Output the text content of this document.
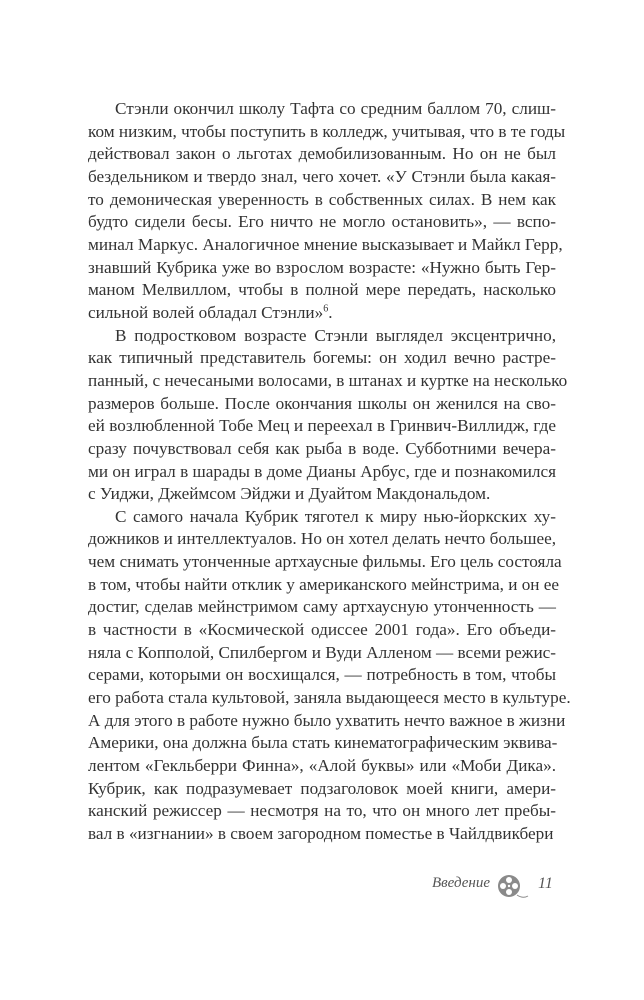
Стэнли окончил школу Тафта со средним баллом 70, слиш-
ком низким, чтобы поступить в колледж, учитывая, что в те годы
действовал закон о льготах демобилизованным. Но он не был
бездельником и твердо знал, чего хочет. «У Стэнли была какая-
то демоническая уверенность в собственных силах. В нем как
будто сидели бесы. Его ничто не могло остановить», — вспо-
минал Маркус. Аналогичное мнение высказывает и Майкл Герр,
знавший Кубрика уже во взрослом возрасте: «Нужно быть Гер-
маном Мелвиллом, чтобы в полной мере передать, насколько
сильной волей обладал Стэнли»$^6$.
В подростковом возрасте Стэнли выглядел эксцентрично,
как типичный представитель богемы: он ходил вечно растре-
панный, с нечесаными волосами, в штанах и куртке на несколько
размеров больше. После окончания школы он женился на сво-
ей возлюбленной Тобе Мец и переехал в Гринвич-Виллидж, где
сразу почувствовал себя как рыба в воде. Субботними вечера-
ми он играл в шарады в доме Дианы Арбус, где и познакомился
с Уиджи, Джеймсом Эйджи и Дуайтом Макдональдом.
С самого начала Кубрик тяготел к миру нью-йоркских ху-
дожников и интеллектуалов. Но он хотел делать нечто большее,
чем снимать утонченные артхаусные фильмы. Его цель состояла
в том, чтобы найти отклик у американского мейнстрима, и он ее
достиг, сделав мейнстримом саму артхаусную утонченность —
в частности в «Космической одиссее 2001 года». Его объеди-
няла с Копполой, Спилбергом и Вуди Алленом — всеми режис-
серами, которыми он восхищался, — потребность в том, чтобы
его работа стала культовой, заняла выдающееся место в культуре.
А для этого в работе нужно было ухватить нечто важное в жизни
Америки, она должна была стать кинематографическим эквива-
лентом «Гекльберри Финна», «Алой буквы» или «Моби Дика».
Кубрик, как подразумевает подзаголовок моей книги, амери-
канский режиссер — несмотря на то, что он много лет пребы-
вал в «изгнании» в своем загородном поместье в Чайлдвикбери
Введение	11
